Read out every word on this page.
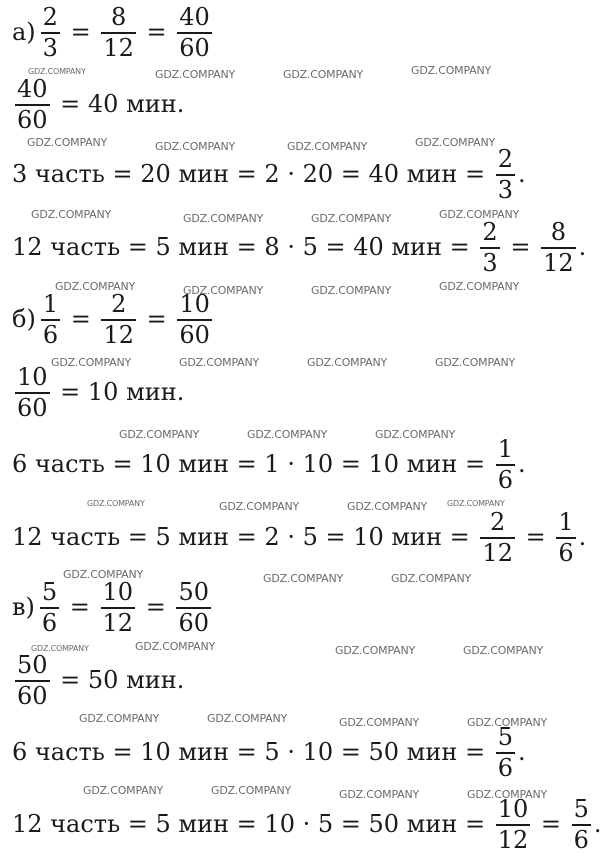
$а) \frac{2}{3} = \frac{8}{12} = \frac{40}{60}$
$\frac{40}{60} = 40$ мин.
3 часть = 20 мин = 2 · 20 = 40 мин = $\frac{2}{3}$ .
12 часть = 5 мин = 8 · 5 = 40 мин = $\frac{2}{3} = \frac{8}{12}$ .
$б) \frac{1}{6} = \frac{2}{12} = \frac{10}{60}$
$\frac{10}{60} = 10$ мин.
6 часть = 10 мин = 1 · 10 = 10 мин = $\frac{1}{6}$ .
12 часть = 5 мин = 2 · 5 = 10 мин = $\frac{2}{12} = \frac{1}{6}$ .
$в) \frac{5}{6} = \frac{10}{12} = \frac{50}{60}$
$\frac{50}{60} = 50$ мин.
6 часть = 10 мин = 5 · 10 = 50 мин = $\frac{5}{6}$ .
12 часть = 5 мин = 10 · 5 = 50 мин = $\frac{10}{12} = \frac{5}{6}$ .
GDZ.COMPANY	GDZ.COMPANY	GDZ.COMPANY	GDZ.COMPANY
GDZ.COMPANY	GDZ.COMPANY	GDZ.COMPANY	GDZ.COMPANY
GDZ.COMPANY	GDZ.COMPANY	GDZ.COMPANY	GDZ.COMPANY
GDZ.COMPANY	GDZ.COMPANY	GDZ.COMPANY	GDZ.COMPANY
GDZ.COMPANY	GDZ.COMPANY	GDZ.COMPANY	GDZ.COMPANY
GDZ.COMPANY	GDZ.COMPANY	GDZ.COMPANY
GDZ.COMPANY	GDZ.COMPANY	GDZ.COMPANY GDZ.COMPANY
GDZ.COMPANY	GDZ.COMPANY	GDZ.COMPANY
GDZ.COMPANY	GDZ.COMPANY	GDZ.COMPANY	GDZ.COMPANY
GDZ.COMPANY	GDZ.COMPANY	GDZ.COMPANY	GDZ.COMPANY
GDZ.COMPANY	GDZ.COMPANY	GDZ.COMPANY	GDZ.COMPANY
